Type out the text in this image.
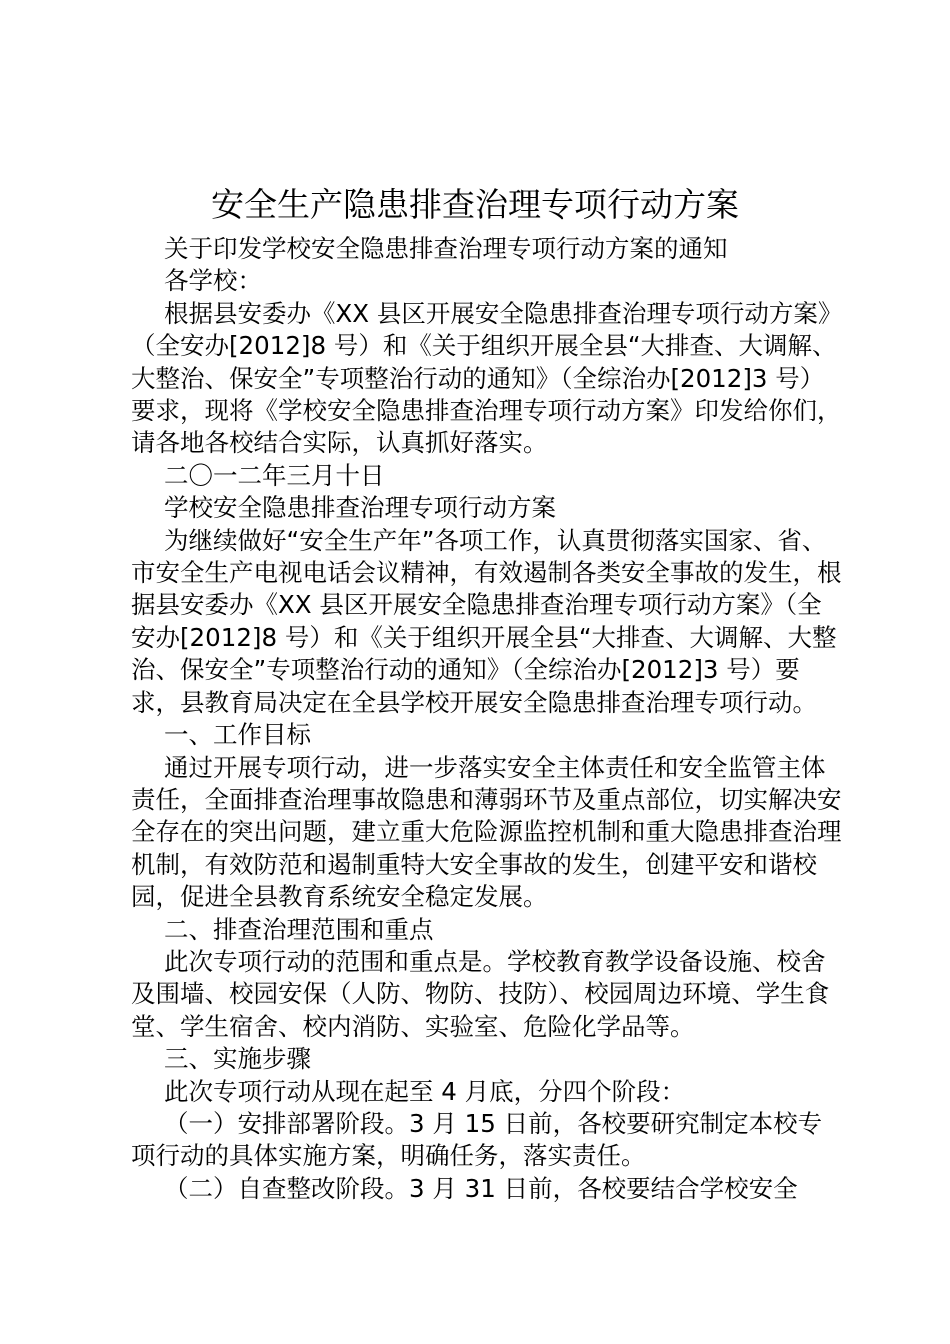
安全生产隐患排查治理专项行动方案

关于印发学校安全隐患排查治理专项行动方案的通知

各学校：

根据县安委办《XX 县区开展安全隐患排查治理专项行动方案》（全安办[2012]8 号）和《关于组织开展全县“大排查、大调解、大整治、保安全”专项整治行动的通知》（全综治办[2012]3 号）要求，现将《学校安全隐患排查治理专项行动方案》印发给你们，请各地各校结合实际，认真抓好落实。

二〇一二年三月十日

学校安全隐患排查治理专项行动方案

为继续做好“安全生产年”各项工作，认真贯彻落实国家、省、市安全生产电视电话会议精神，有效遏制各类安全事故的发生，根据县安委办《XX 县区开展安全隐患排查治理专项行动方案》（全安办[2012]8 号）和《关于组织开展全县“大排查、大调解、大整治、保安全”专项整治行动的通知》（全综治办[2012]3 号）要求，县教育局决定在全县学校开展安全隐患排查治理专项行动。

一、工作目标

通过开展专项行动，进一步落实安全主体责任和安全监管主体责任，全面排查治理事故隐患和薄弱环节及重点部位，切实解决安全存在的突出问题，建立重大危险源监控机制和重大隐患排查治理机制，有效防范和遏制重特大安全事故的发生，创建平安和谐校园，促进全县教育系统安全稳定发展。

二、排查治理范围和重点

此次专项行动的范围和重点是。学校教育教学设备设施、校舍及围墙、校园安保（人防、物防、技防）、校园周边环境、学生食堂、学生宿舍、校内消防、实验室、危险化学品等。

三、实施步骤

此次专项行动从现在起至 4 月底，分四个阶段：

（一）安排部署阶段。3 月 15 日前，各校要研究制定本校专项行动的具体实施方案，明确任务，落实责任。

（二）自查整改阶段。3 月 31 日前，各校要结合学校安全
